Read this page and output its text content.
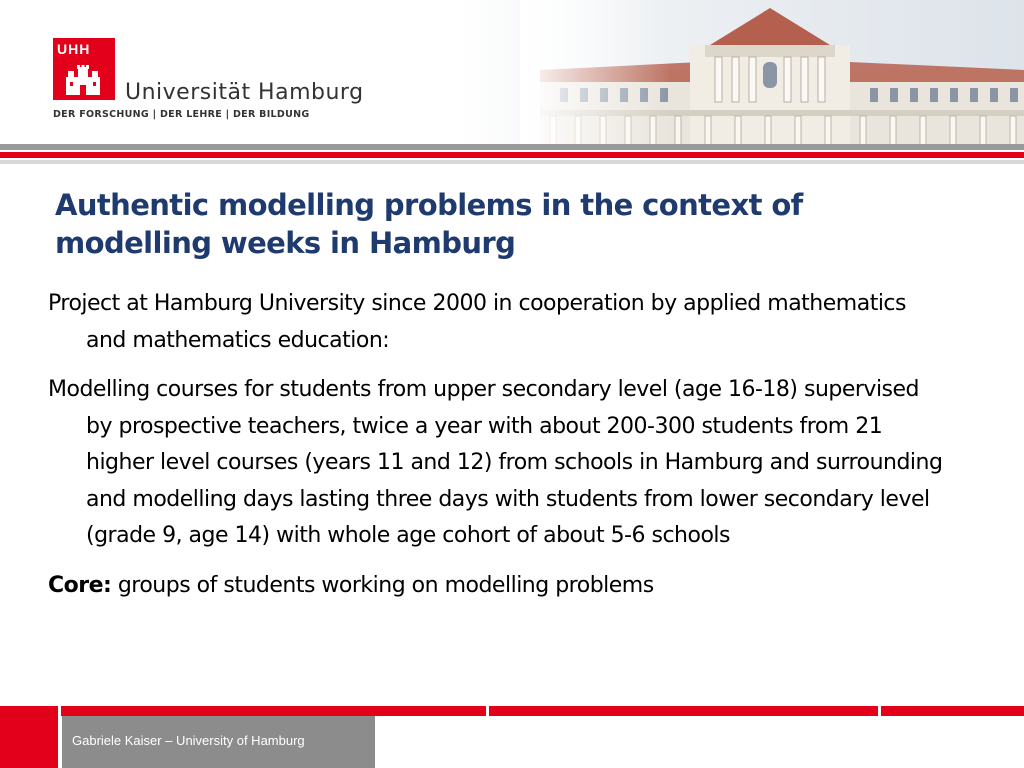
UHH
Universität Hamburg
DER FORSCHUNG | DER LEHRE | DER BILDUNG
Authentic modelling problems in the context of modelling weeks in Hamburg

Project at Hamburg University since 2000 in cooperation by applied mathematics and mathematics education:

Modelling courses for students from upper secondary level (age 16-18) supervised by prospective teachers, twice a year with about 200-300 students from 21 higher level courses (years 11 and 12) from schools in Hamburg and surrounding and modelling days lasting three days with students from lower secondary level (grade 9, age 14) with whole age cohort of about 5-6 schools

Core: groups of students working on modelling problems

Gabriele Kaiser – University of Hamburg
